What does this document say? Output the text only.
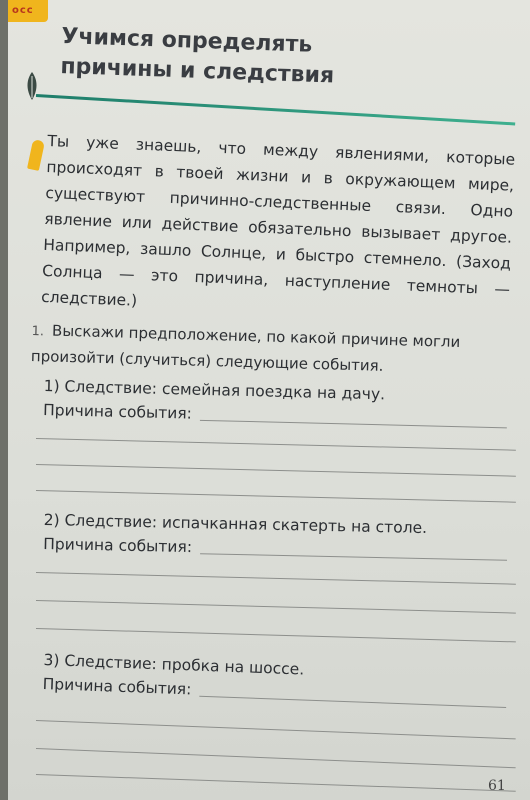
осс
Учимся определять
причины и следствия

Ты уже знаешь, что между явлениями, которые происходят в твоей жизни и в окружающем мире, существуют причинно-следственные связи. Одно явление или действие обязательно вызывает другое. Например, зашло Солнце, и быстро стемнело. (Заход Солнца — это причина, наступление темноты — следствие.)

1. Выскажи предположение, по какой причине могли произойти (случиться) следующие события.

1) Следствие: семейная поездка на дачу.
Причина события:
2) Следствие: испачканная скатерть на столе.
Причина события:
3) Следствие: пробка на шоссе.
Причина события:
61
